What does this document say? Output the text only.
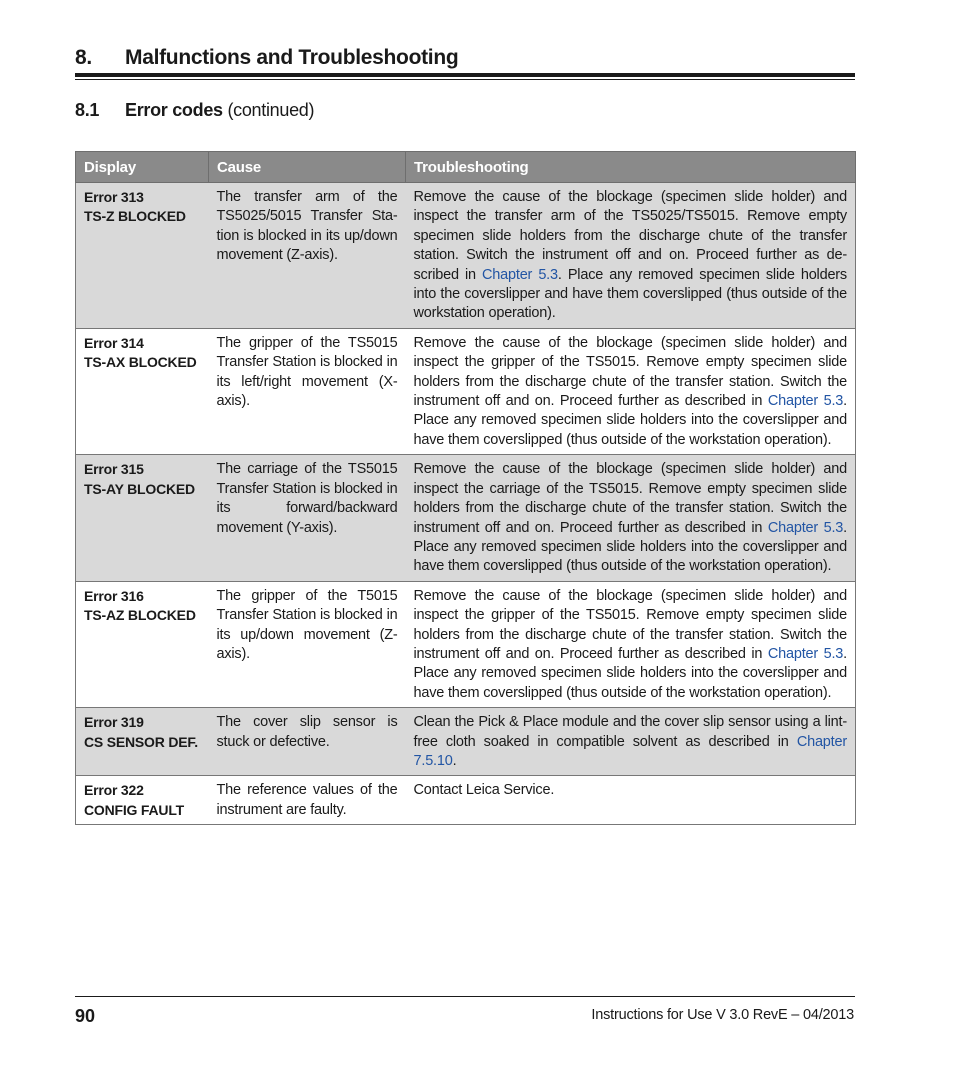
8. Malfunctions and Troubleshooting
8.1 Error codes (continued)
Display	Cause	Troubleshooting

Error 313
TS-Z BLOCKED	The transfer arm of the TS5025/5015 Transfer Sta-tion is blocked in its up/down movement (Z-axis).	Remove the cause of the blockage (specimen slide holder) and inspect the transfer arm of the TS5025/TS5015. Remove empty specimen slide holders from the discharge chute of the transfer station. Switch the instrument off and on. Proceed further as de-scribed in Chapter 5.3. Place any removed specimen slide holders into the coverslipper and have them coverslipped (thus outside of the workstation operation).

Error 314
TS-AX BLOCKED	The gripper of the TS5015 Transfer Station is blocked in its left/right movement (X-axis).	Remove the cause of the blockage (specimen slide holder) and inspect the gripper of the TS5015. Remove empty specimen slide holders from the discharge chute of the transfer station. Switch the instrument off and on. Proceed further as described in Chapter 5.3. Place any removed specimen slide holders into the coverslipper and have them coverslipped (thus outside of the workstation operation).

Error 315
TS-AY BLOCKED	The carriage of the TS5015 Transfer Station is blocked in its forward/backward movement (Y-axis).	Remove the cause of the blockage (specimen slide holder) and inspect the carriage of the TS5015. Remove empty specimen slide holders from the discharge chute of the transfer station. Switch the instrument off and on. Proceed further as described in Chapter 5.3. Place any removed specimen slide holders into the coverslipper and have them coverslipped (thus outside of the workstation operation).

Error 316
TS-AZ BLOCKED	The gripper of the T5015 Transfer Station is blocked in its up/down movement (Z-axis).	Remove the cause of the blockage (specimen slide holder) and inspect the gripper of the TS5015. Remove empty specimen slide holders from the discharge chute of the transfer station. Switch the instrument off and on. Proceed further as described in Chapter 5.3. Place any removed specimen slide holders into the coverslipper and have them coverslipped (thus outside of the workstation operation).

Error 319
CS SENSOR DEF.	The cover slip sensor is stuck or defective.	Clean the Pick & Place module and the cover slip sensor using a lint-free cloth soaked in compatible solvent as described in Chapter 7.5.10.

Error 322
CONFIG FAULT	The reference values of the instrument are faulty.	Contact Leica Service.
90	Instructions for Use V 3.0 RevE – 04/2013
